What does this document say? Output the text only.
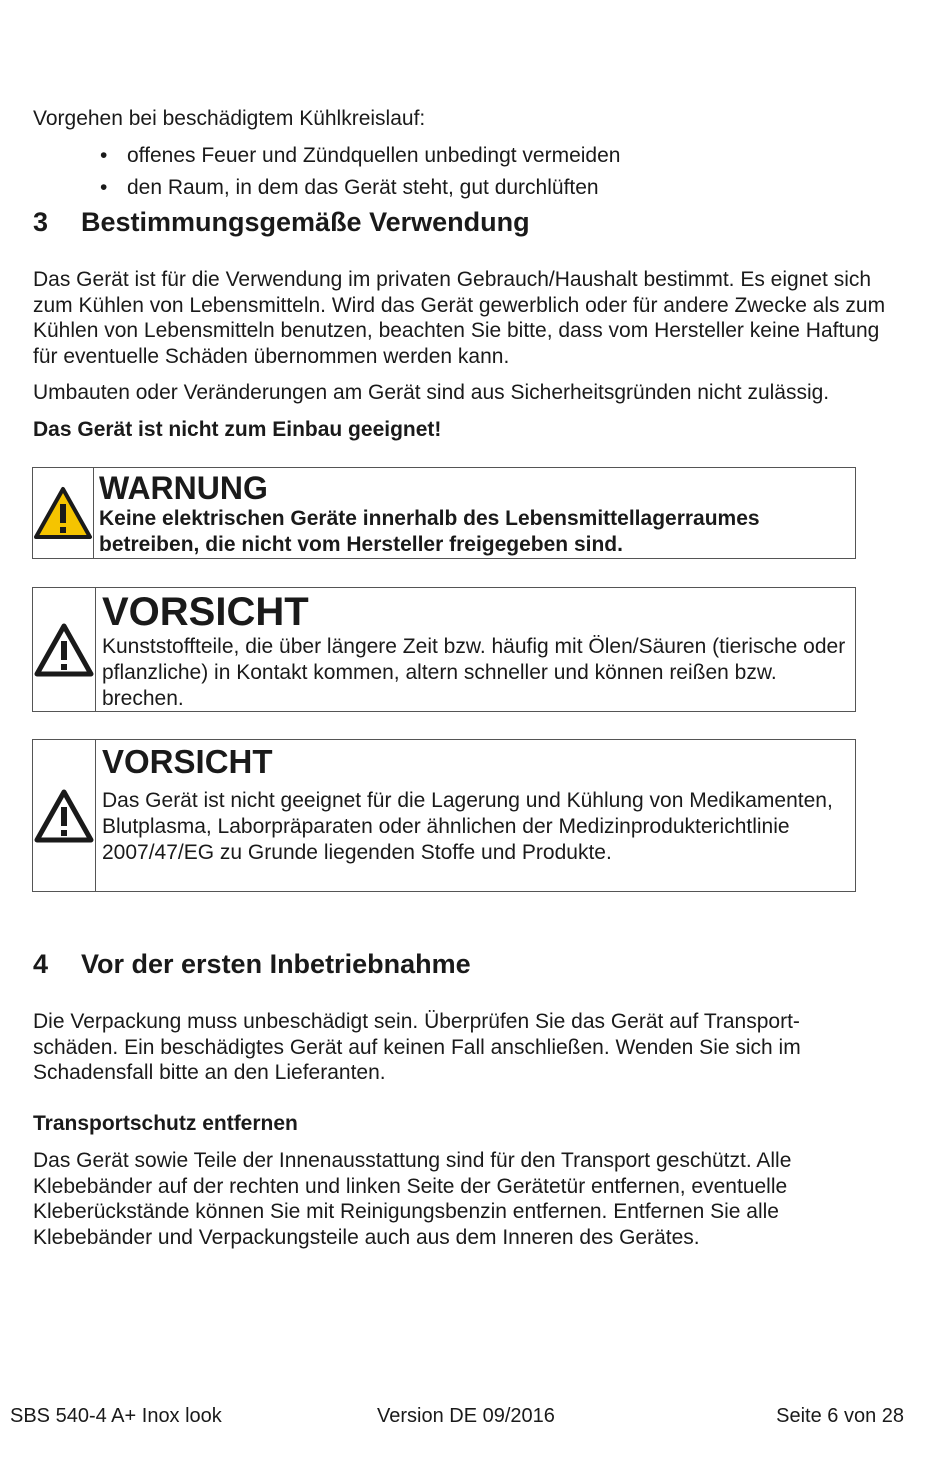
Vorgehen bei beschädigtem Kühlkreislauf:

• offenes Feuer und Zündquellen unbedingt vermeiden
• den Raum, in dem das Gerät steht, gut durchlüften
3 Bestimmungsgemäße Verwendung

Das Gerät ist für die Verwendung im privaten Gebrauch/Haushalt bestimmt. Es eignet sich zum Kühlen von Lebensmitteln. Wird das Gerät gewerblich oder für andere Zwecke als zum Kühlen von Lebensmitteln benutzen, beachten Sie bitte, dass vom Hersteller keine Haftung für eventuelle Schäden übernommen werden kann.

Umbauten oder Veränderungen am Gerät sind aus Sicherheitsgründen nicht zulässig.

Das Gerät ist nicht zum Einbau geeignet!

WARNUNG

Keine elektrischen Geräte innerhalb des Lebensmittellagerraumes betreiben, die nicht vom Hersteller freigegeben sind.

VORSICHT

Kunststoffteile, die über längere Zeit bzw. häufig mit Ölen/Säuren (tierische oder pflanzliche) in Kontakt kommen, altern schneller und können reißen bzw. brechen.

VORSICHT

Das Gerät ist nicht geeignet für die Lagerung und Kühlung von Medikamenten, Blutplasma, Laborpräparaten oder ähnlichen der Medizinprodukterichtlinie 2007/47/EG zu Grunde liegenden Stoffe und Produkte.

4 Vor der ersten Inbetriebnahme

Die Verpackung muss unbeschädigt sein. Überprüfen Sie das Gerät auf Transport-schäden. Ein beschädigtes Gerät auf keinen Fall anschließen. Wenden Sie sich im Schadensfall bitte an den Lieferanten.

Transportschutz entfernen

Das Gerät sowie Teile der Innenausstattung sind für den Transport geschützt. Alle Klebebänder auf der rechten und linken Seite der Gerätetür entfernen, eventuelle Kleberückstände können Sie mit Reinigungsbenzin entfernen. Entfernen Sie alle Klebebänder und Verpackungsteile auch aus dem Inneren des Gerätes.

SBS 540-4 A+ Inox look	Version DE 09/2016	Seite 6 von 28
